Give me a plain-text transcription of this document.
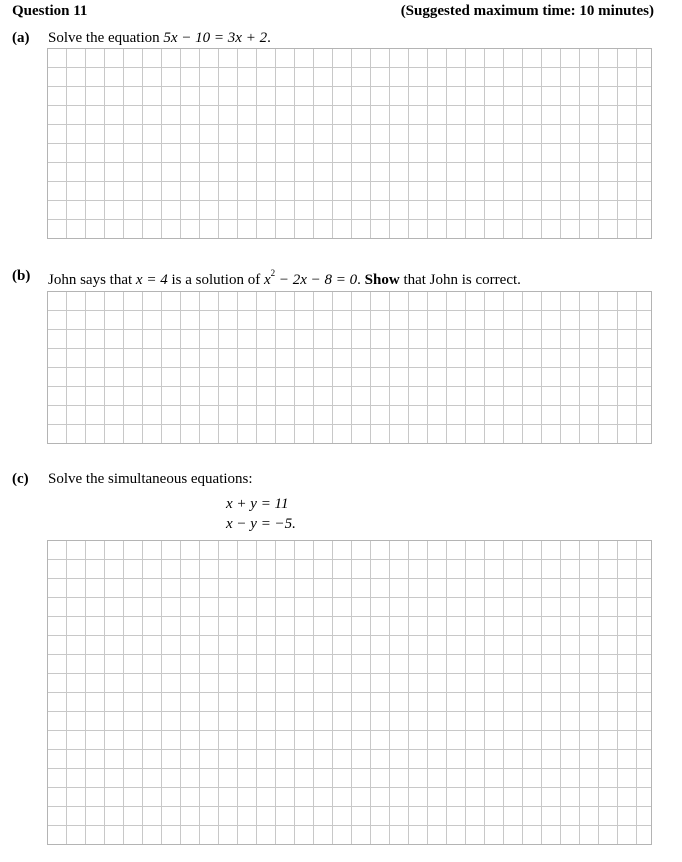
Question 11	(Suggested maximum time: 10 minutes)
(a) Solve the equation 5x − 10 = 3x + 2.
(b) John says that x = 4 is a solution of $x^2 - 2x - 8 = 0$. Show that John is correct.
(c) Solve the simultaneous equations:
x + y = 11
x − y = −5.
